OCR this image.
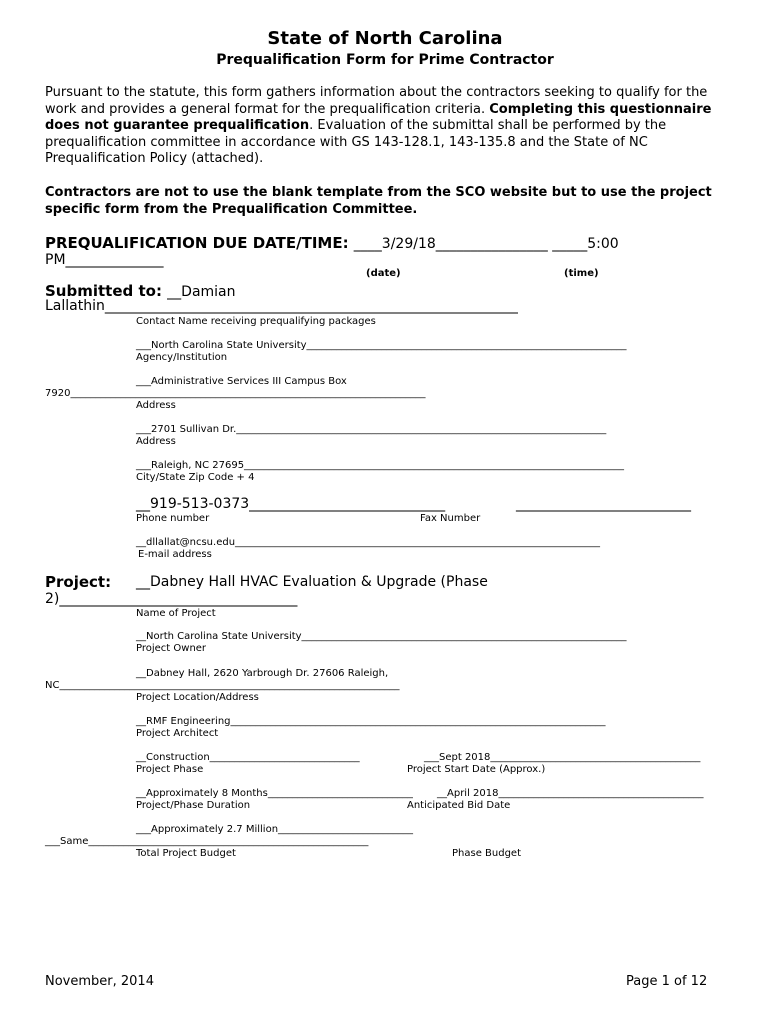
State of North Carolina
Prequalification Form for Prime Contractor
Pursuant to the statute, this form gathers information about the contractors seeking to qualify for the work and provides a general format for the prequalification criteria. Completing this questionnaire does not guarantee prequalification. Evaluation of the submittal shall be performed by the prequalification committee in accordance with GS 143-128.1, 143-135.8 and the State of NC Prequalification Policy (attached).
Contractors are not to use the blank template from the SCO website but to use the project specific form from the Prequalification Committee.
PREQUALIFICATION DUE DATE/TIME: ____3/29/18________________ _____5:00
PM______________
(date)	(time)
Submitted to: __Damian
Lallathin___________________________________________________________
Contact Name receiving prequalifying packages
___North Carolina State University________________________________________________________________
Agency/Institution
___Administrative Services III Campus Box
7920_______________________________________________________________________
Address
___2701 Sullivan Dr.__________________________________________________________________________
Address
___Raleigh, NC 27695____________________________________________________________________________
City/State Zip Code + 4
__919-513-0373____________________________	_________________________
Phone number	Fax Number
__dllallat@ncsu.edu_________________________________________________________________________
E-mail address
Project: __Dabney Hall HVAC Evaluation & Upgrade (Phase
2)__________________________________
Name of Project
__North Carolina State University_________________________________________________________________
Project Owner
__Dabney Hall, 2620 Yarbrough Dr. 27606 Raleigh,
NC____________________________________________________________________
Project Location/Address
__RMF Engineering___________________________________________________________________________
Project Architect
__Construction______________________________	___Sept 2018__________________________________________
Project Phase	Project Start Date (Approx.)
__Approximately 8 Months_____________________________ __April 2018_________________________________________
Project/Phase Duration	Anticipated Bid Date
___Approximately 2.7 Million___________________________
___Same________________________________________________________
Total Project Budget	Phase Budget
November, 2014	Page 1 of 12
